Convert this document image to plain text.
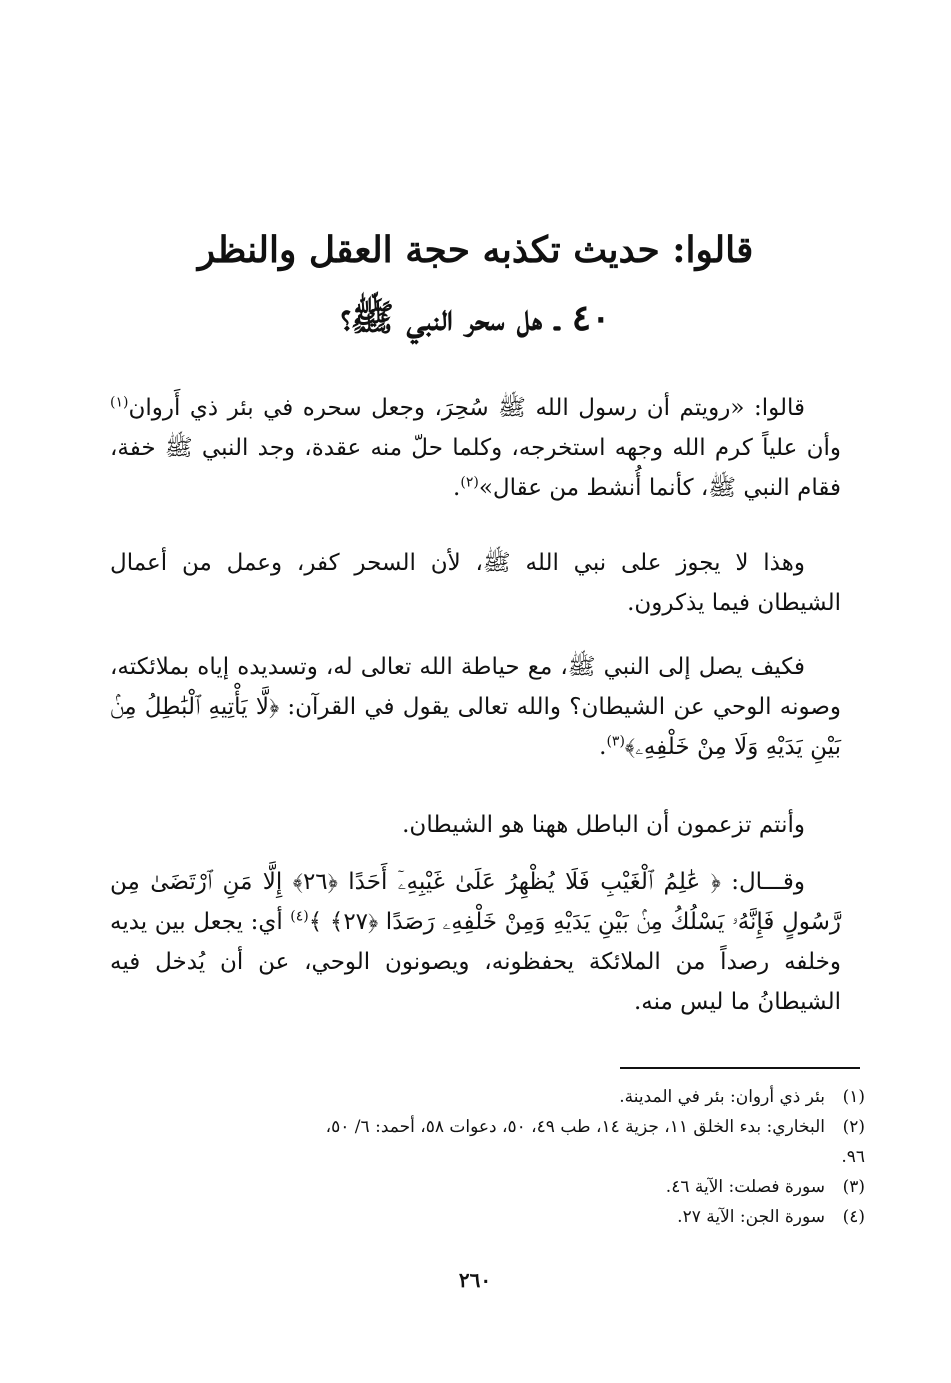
قالوا: حديث تكذبه حجة العقل والنظر
٤٠ ـ هل سحر النبي ﷺ؟

قالوا: «رويتم أن رسول الله ﷺ سُحِرَ، وجعل سحره في بئر ذي أَروان$^{(١)}$ وأن علياً كرم الله وجهه استخرجه، وكلما حلّ منه عقدة، وجد النبي ﷺ خفة، فقام النبي ﷺ، كأنما أُنشط من عقال»$^{(٢)}$.

وهذا لا يجوز على نبي الله ﷺ، لأن السحر كفر، وعمل من أعمال الشيطان فيما يذكرون.

فكيف يصل إلى النبي ﷺ، مع حياطة الله تعالى له، وتسديده إياه بملائكته، وصونه الوحي عن الشيطان؟ والله تعالى يقول في القرآن: ﴿لَّا يَأْتِيهِ ٱلْبَٰطِلُ مِنۢ بَيْنِ يَدَيْهِ وَلَا مِنْ خَلْفِهِۦ﴾$^{(٣)}$.

وأنتم تزعمون أن الباطل ههنا هو الشيطان.

وقـــال: ﴿ عَٰلِمُ ٱلْغَيْبِ فَلَا يُظْهِرُ عَلَىٰ غَيْبِهِۦٓ أَحَدًا ﴿٢٦﴾ إِلَّا مَنِ ٱرْتَضَىٰ مِن رَّسُولٍ فَإِنَّهُۥ يَسْلُكُ مِنۢ بَيْنِ يَدَيْهِ وَمِنْ خَلْفِهِۦ رَصَدًا ﴿٢٧﴾ ﴾$^{(٤)}$ أي: يجعل بين يديه وخلفه رصداً من الملائكة يحفظونه، ويصونون الوحي، عن أن يُدخل فيه الشيطانُ ما ليس منه.

(١)بئر ذي أروان: بئر في المدينة.
(٢)البخاري: بدء الخلق ١١، جزية ١٤، طب ٤٩، ٥٠، دعوات ٥٨، أحمد: ٦/ ٥٠،
٩٦.
(٣)سورة فصلت: الآية ٤٦.
(٤)سورة الجن: الآية ٢٧.
٢٦٠
